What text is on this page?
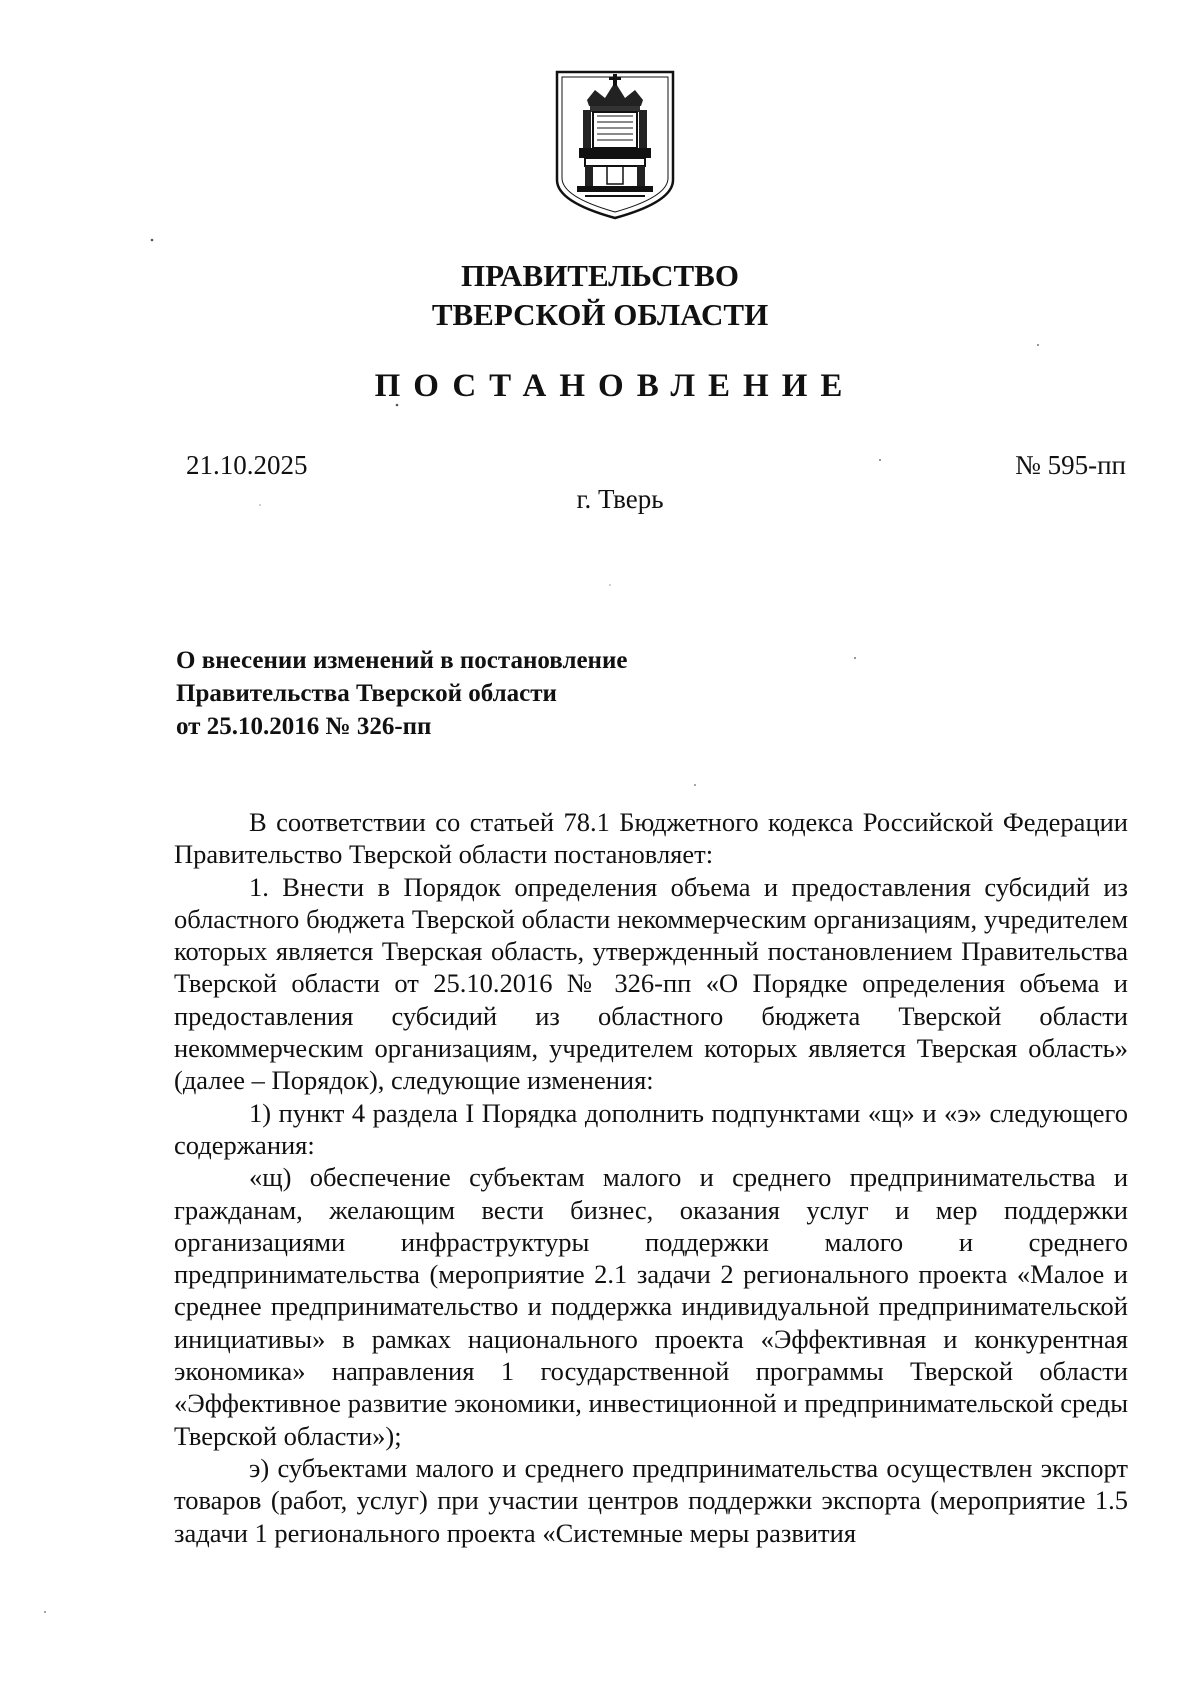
ПРАВИТЕЛЬСТВО
ТВЕРСКОЙ ОБЛАСТИ
ПОСТАНОВЛЕНИЕ
21.10.2025	№ 595-пп
г. Тверь
О внесении изменений в постановление
Правительства Тверской области
от 25.10.2016 № 326-пп

В соответствии со статьей 78.1 Бюджетного кодекса Российской Федерации Правительство Тверской области постановляет:

1. Внести в Порядок определения объема и предоставления субсидий из областного бюджета Тверской области некоммерческим организациям, учредителем которых является Тверская область, утвержденный постановлением Правительства Тверской области от 25.10.2016 № 326-пп «О Порядке определения объема и предоставления субсидий из областного бюджета Тверской области некоммерческим организациям, учредителем которых является Тверская область» (далее – Порядок), следующие изменения:

1) пункт 4 раздела I Порядка дополнить подпунктами «щ» и «э» следующего содержания:

«щ) обеспечение субъектам малого и среднего предпринимательства и гражданам, желающим вести бизнес, оказания услуг и мер поддержки организациями инфраструктуры поддержки малого и среднего предпринимательства (мероприятие 2.1 задачи 2 регионального проекта «Малое и среднее предпринимательство и поддержка индивидуальной предпринимательской инициативы» в рамках национального проекта «Эффективная и конкурентная экономика» направления 1 государственной программы Тверской области «Эффективное развитие экономики, инвестиционной и предпринимательской среды Тверской области»);

э) субъектами малого и среднего предпринимательства осуществлен экспорт товаров (работ, услуг) при участии центров поддержки экспорта (мероприятие 1.5 задачи 1 регионального проекта «Системные меры развития
